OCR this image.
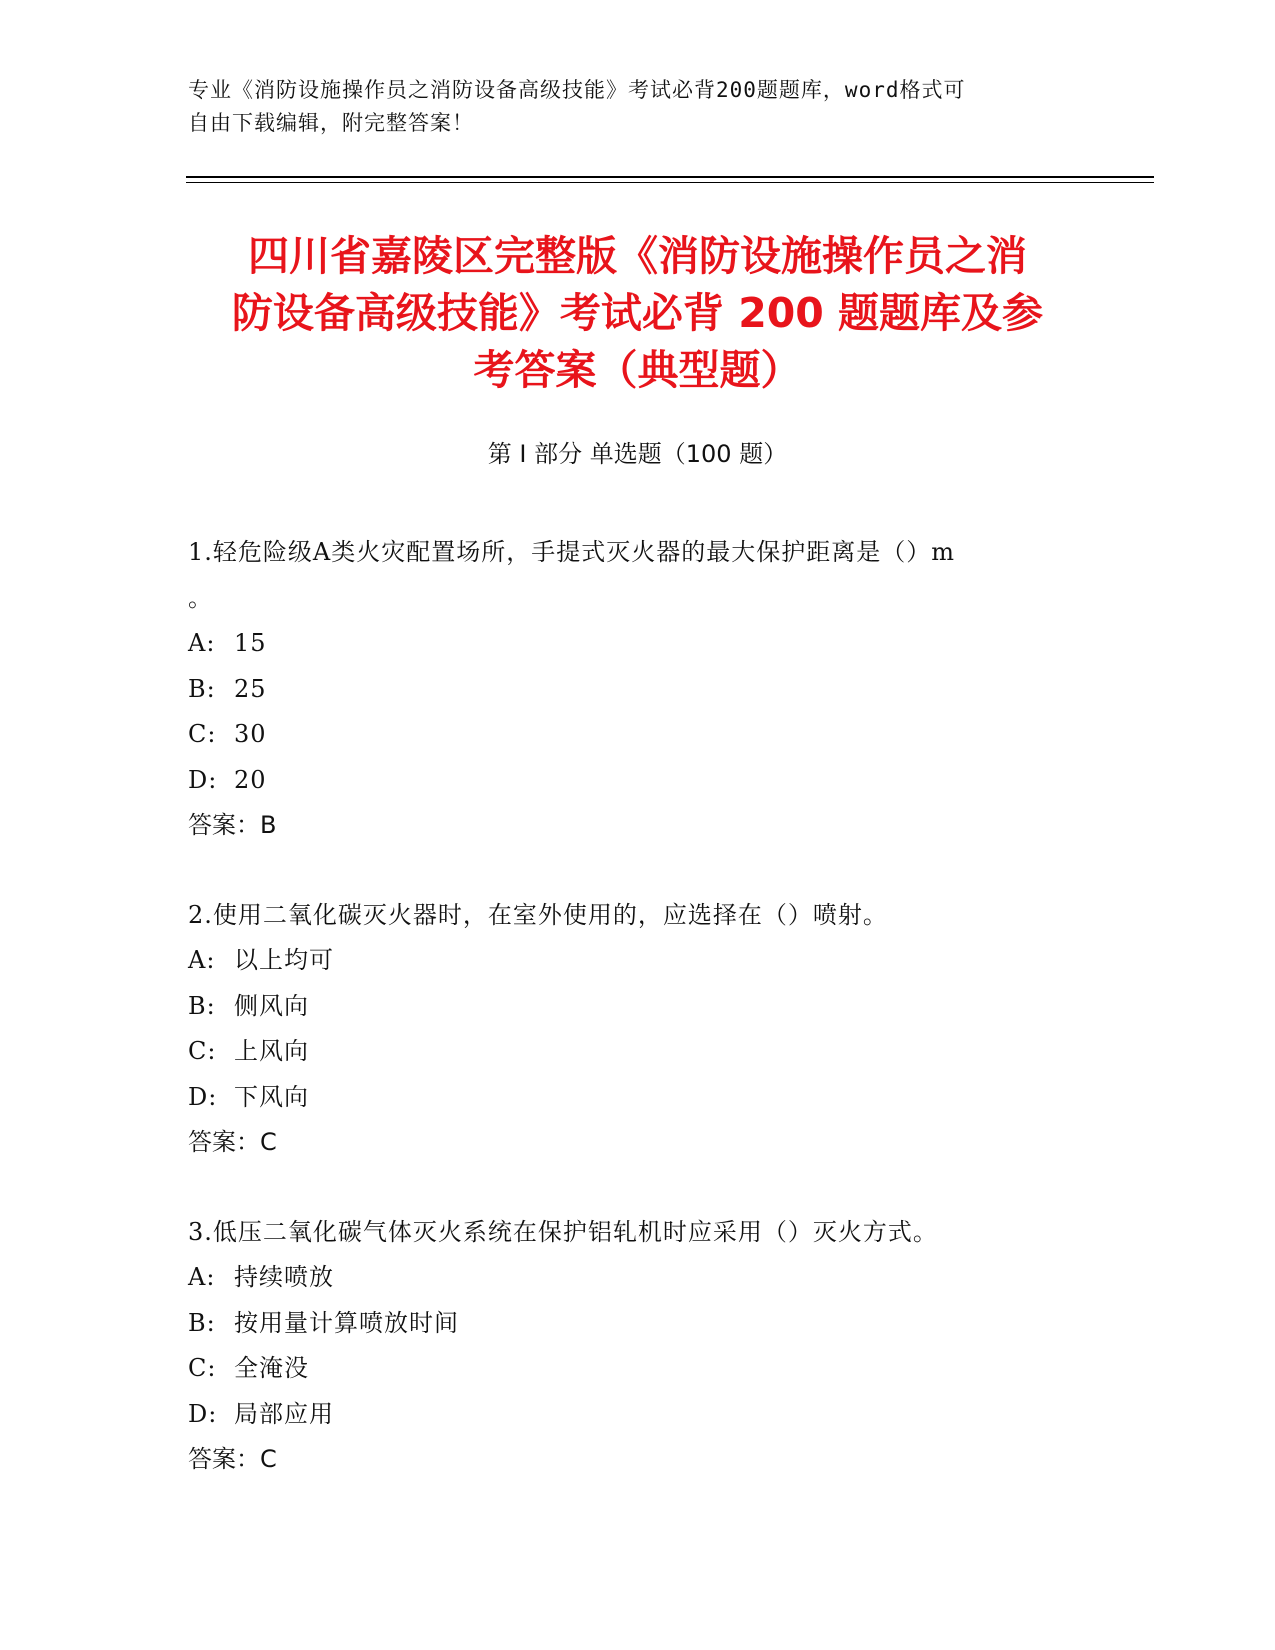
专业《消防设施操作员之消防设备高级技能》考试必背200题题库，word格式可
自由下载编辑，附完整答案！
四川省嘉陵区完整版《消防设施操作员之消
防设备高级技能》考试必背 200 题题库及参
考答案（典型题）
第 I 部分 单选题（100 题）
1.轻危险级A类火灾配置场所，手提式灭火器的最大保护距离是（）m
。
A: 15
B: 25
C: 30
D: 20
答案：B
2.使用二氧化碳灭火器时，在室外使用的，应选择在（）喷射。
A: 以上均可
B: 侧风向
C: 上风向
D: 下风向
答案：C
3.低压二氧化碳气体灭火系统在保护铝轧机时应采用（）灭火方式。
A: 持续喷放
B: 按用量计算喷放时间
C: 全淹没
D: 局部应用
答案：C
